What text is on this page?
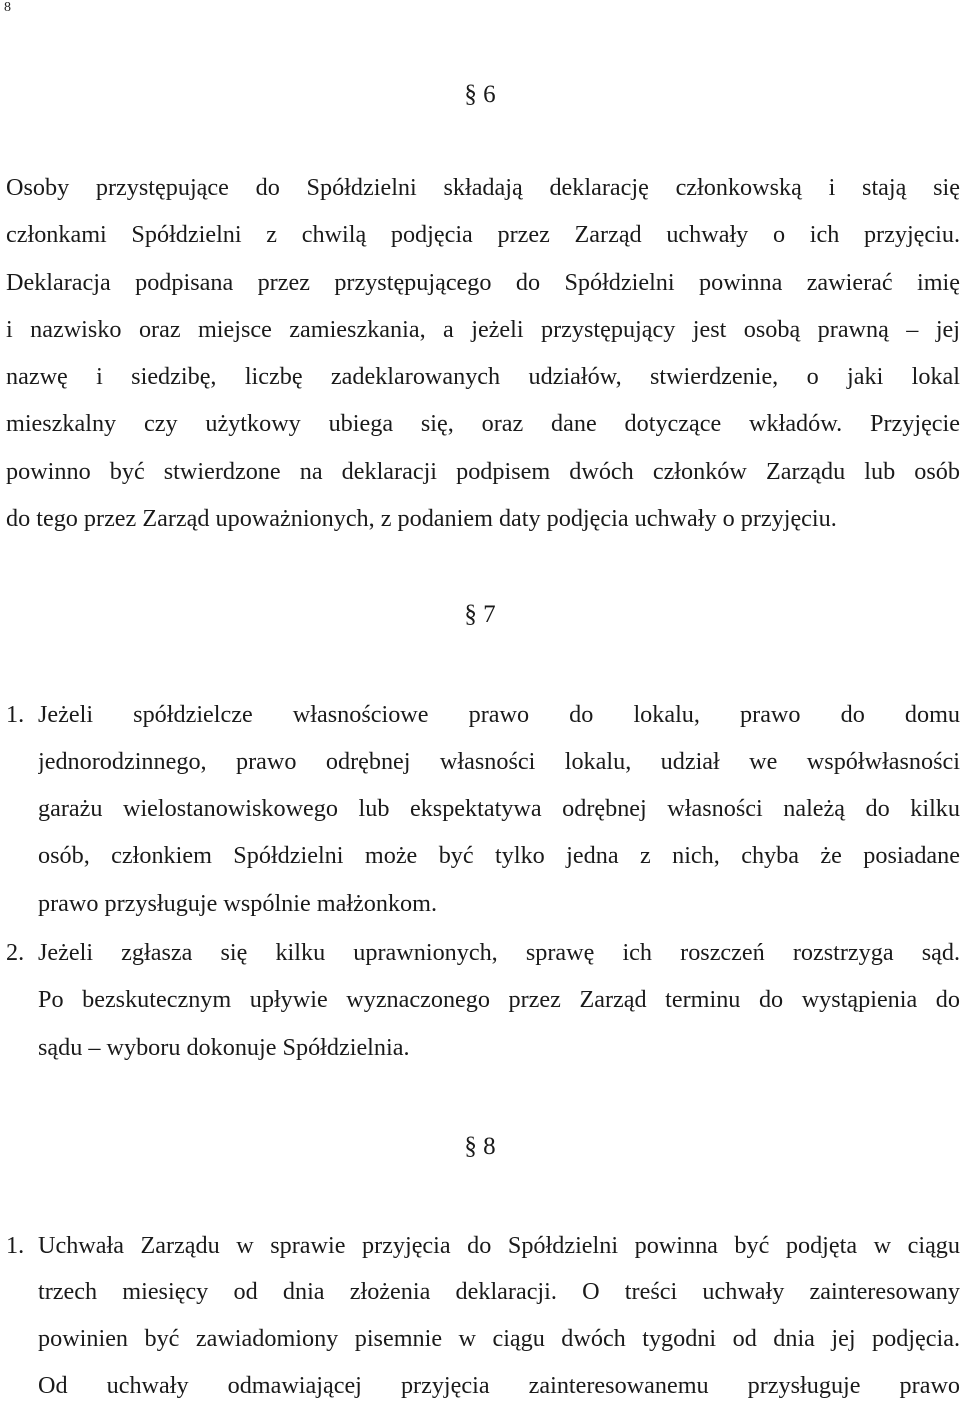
8
§ 6
Osoby przystępujące do Spółdzielni składają deklarację członkowską i stają się
członkami Spółdzielni z chwilą podjęcia przez Zarząd uchwały o ich przyjęciu.
Deklaracja podpisana przez przystępującego do Spółdzielni powinna zawierać imię
i nazwisko oraz miejsce zamieszkania, a jeżeli przystępujący jest osobą prawną – jej
nazwę i siedzibę, liczbę zadeklarowanych udziałów, stwierdzenie, o jaki lokal
mieszkalny czy użytkowy ubiega się, oraz dane dotyczące wkładów. Przyjęcie
powinno być stwierdzone na deklaracji podpisem dwóch członków Zarządu lub osób
do tego przez Zarząd upoważnionych, z podaniem daty podjęcia uchwały o przyjęciu.
§ 7
1. Jeżeli spółdzielcze własnościowe prawo do lokalu, prawo do domu
jednorodzinnego, prawo odrębnej własności lokalu, udział we współwłasności
garażu wielostanowiskowego lub ekspektatywa odrębnej własności należą do kilku
osób, członkiem Spółdzielni może być tylko jedna z nich, chyba że posiadane
prawo przysługuje wspólnie małżonkom.
2. Jeżeli zgłasza się kilku uprawnionych, sprawę ich roszczeń rozstrzyga sąd.
Po bezskutecznym upływie wyznaczonego przez Zarząd terminu do wystąpienia do
sądu – wyboru dokonuje Spółdzielnia.
§ 8
1. Uchwała Zarządu w sprawie przyjęcia do Spółdzielni powinna być podjęta w ciągu
trzech miesięcy od dnia złożenia deklaracji. O treści uchwały zainteresowany
powinien być zawiadomiony pisemnie w ciągu dwóch tygodni od dnia jej podjęcia.
Od uchwały odmawiającej przyjęcia zainteresowanemu przysługuje prawo
